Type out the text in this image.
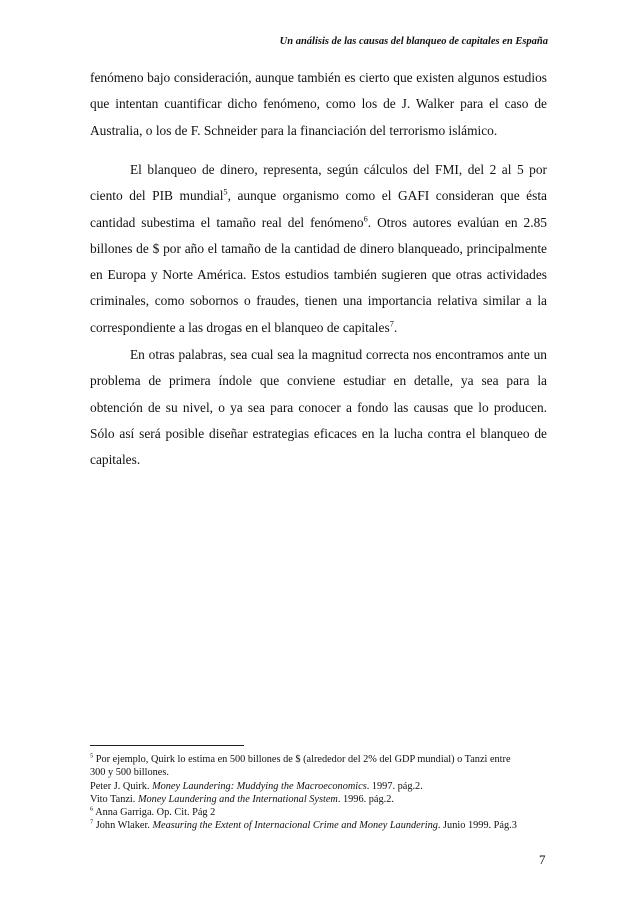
Un análisis de las causas del blanqueo de capitales en España

fenómeno bajo consideración, aunque también es cierto que existen algunos estudios que intentan cuantificar dicho fenómeno, como los de J. Walker para el caso de Australia, o los de F. Schneider para la financiación del terrorismo islámico.

El blanqueo de dinero, representa, según cálculos del FMI, del 2 al 5 por ciento del PIB mundial$^5$, aunque organismo como el GAFI consideran que ésta cantidad subestima el tamaño real del fenómeno$^6$. Otros autores evalúan en 2.85 billones de $ por año el tamaño de la cantidad de dinero blanqueado, principalmente en Europa y Norte América. Estos estudios también sugieren que otras actividades criminales, como sobornos o fraudes, tienen una importancia relativa similar a la correspondiente a las drogas en el blanqueo de capitales$^7$.

En otras palabras, sea cual sea la magnitud correcta nos encontramos ante un problema de primera índole que conviene estudiar en detalle, ya sea para la obtención de su nivel, o ya sea para conocer a fondo las causas que lo producen. Sólo así será posible diseñar estrategias eficaces en la lucha contra el blanqueo de capitales.

$^5$ Por ejemplo, Quirk lo estima en 500 billones de $ (alrededor del 2% del GDP mundial) o Tanzi entre
300 y 500 billones.
Peter J. Quirk. Money Laundering: Muddying the Macroeconomics. 1997. pág.2.
Vito Tanzi. Money Laundering and the International System. 1996. pág.2.
$^6$ Anna Garriga. Op. Cit. Pág 2
$^7$ John Wlaker. Measuring the Extent of Internacional Crime and Money Laundering. Junio 1999. Pág.3
7
